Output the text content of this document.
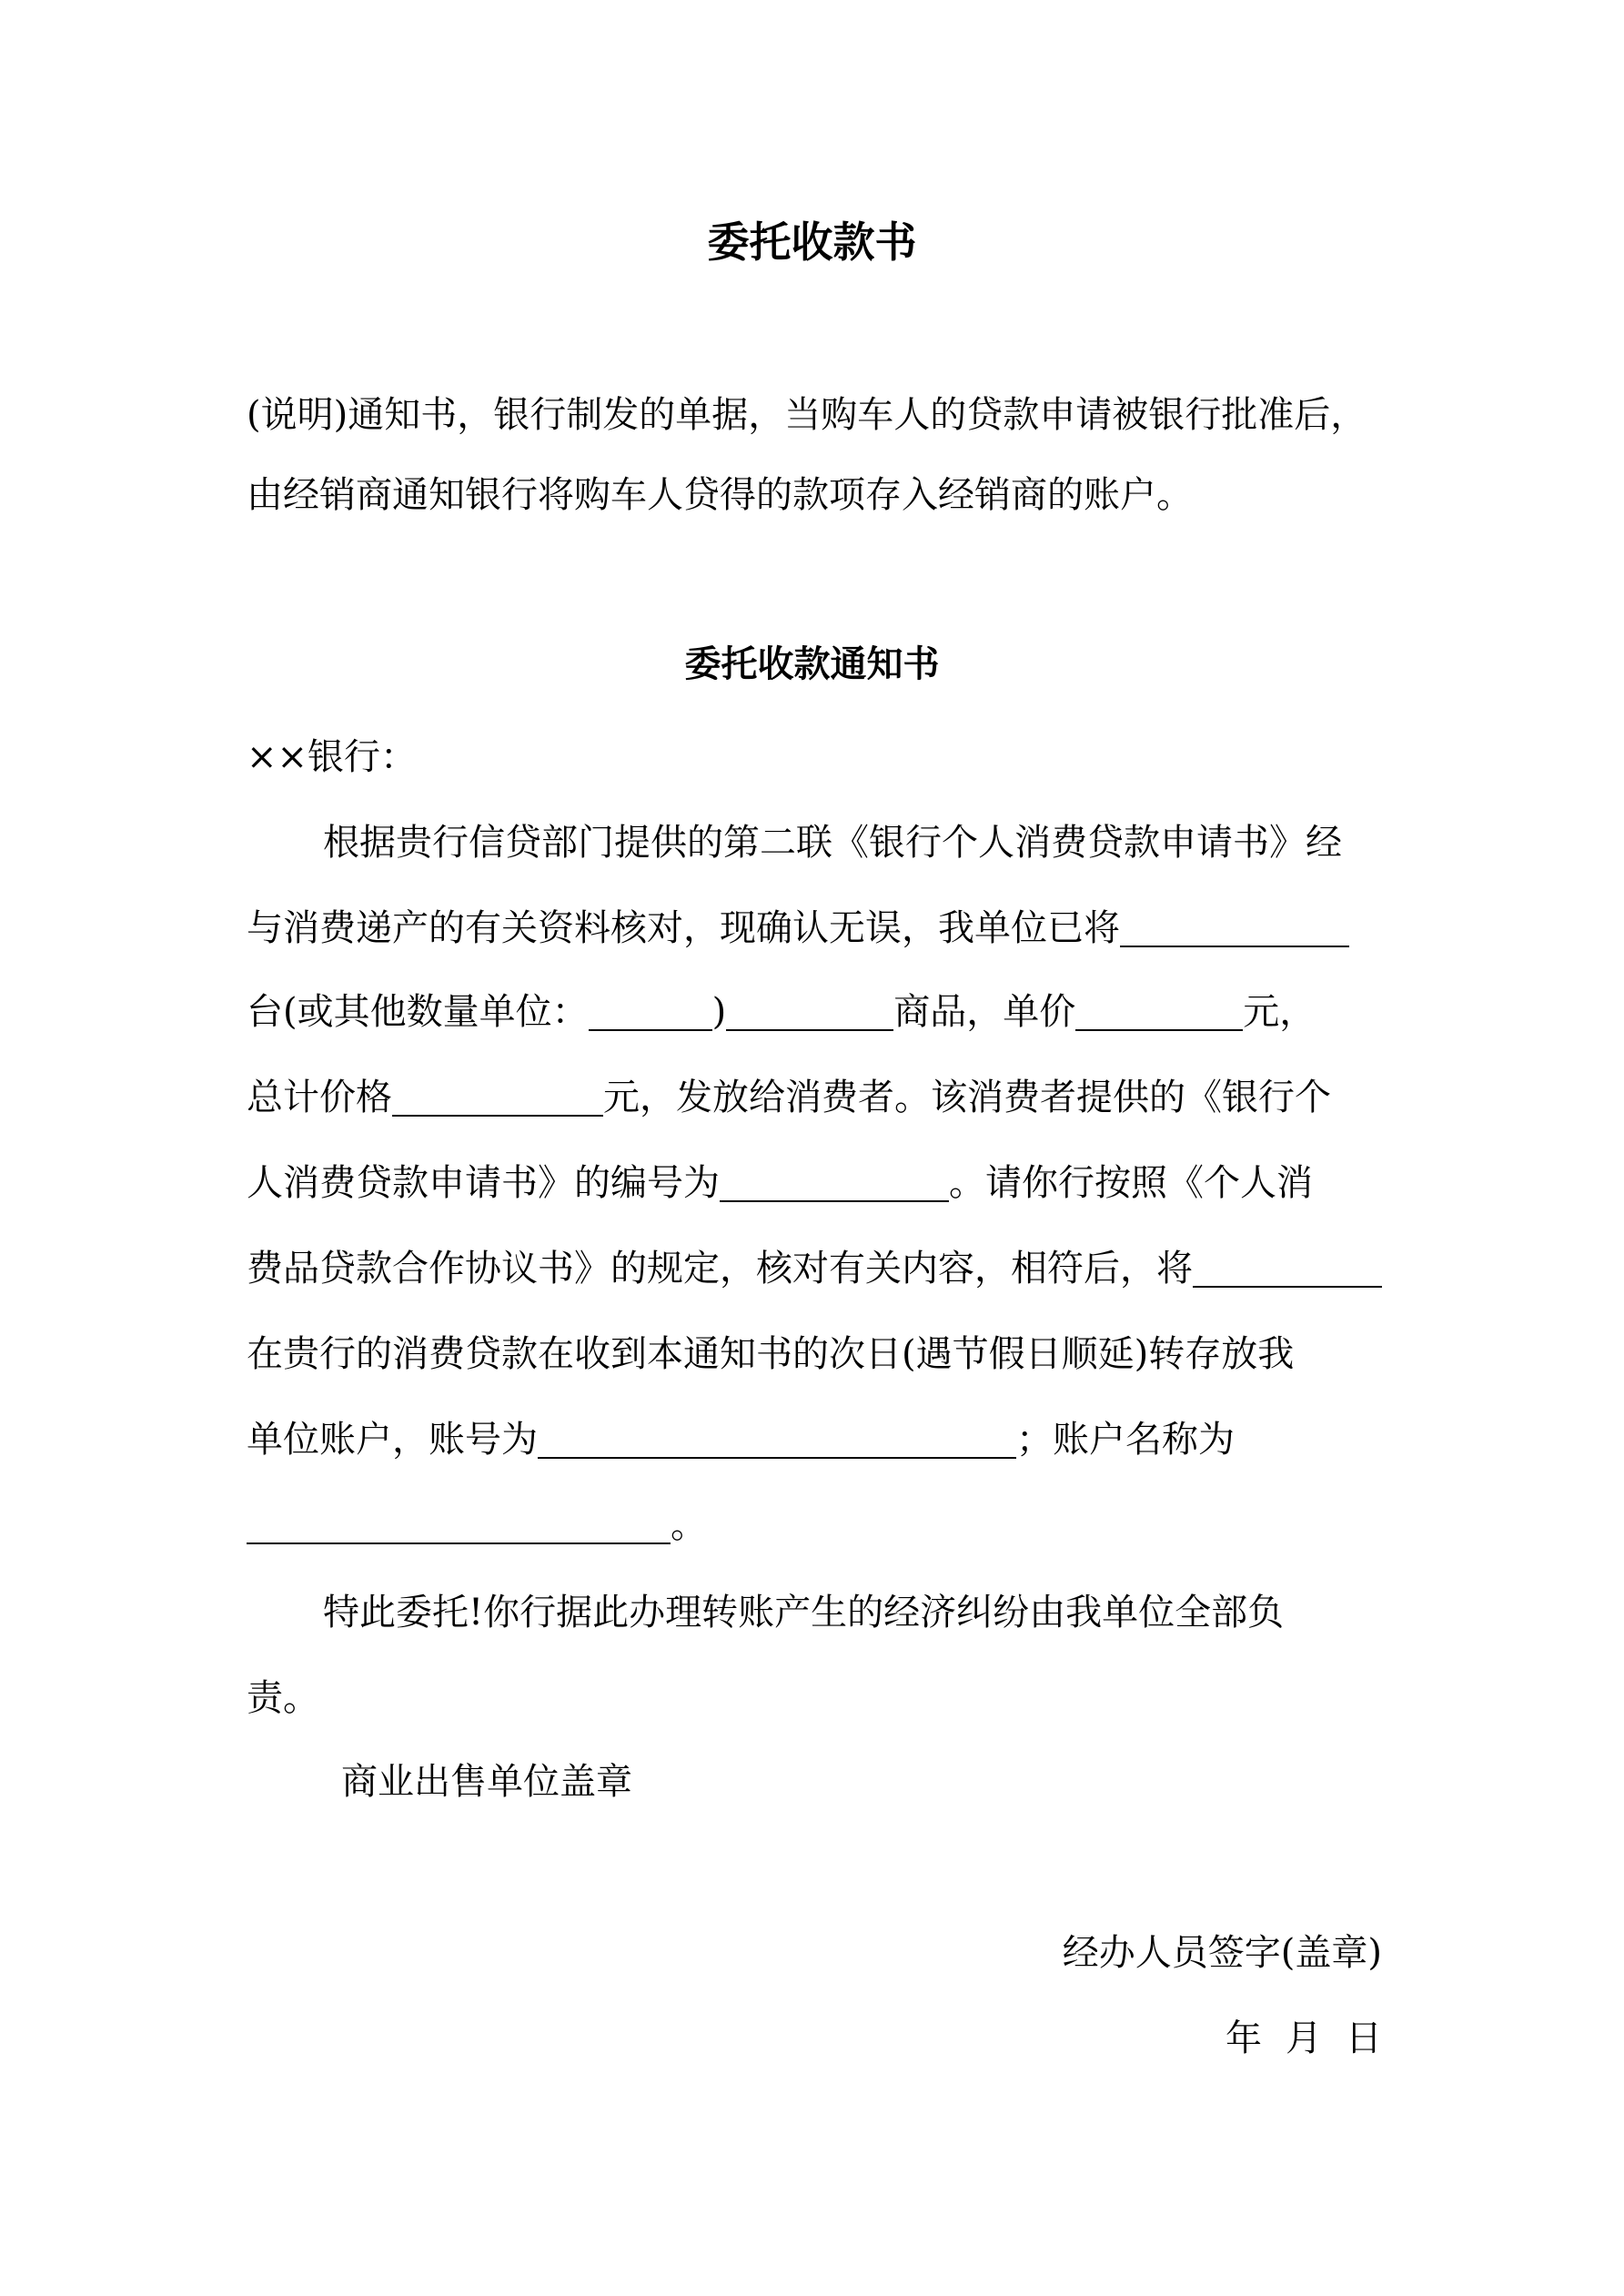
委托收款书
(说明)通知书，银行制发的单据，当购车人的贷款申请被银行批准后，
由经销商通知银行将购车人贷得的款项存入经销商的账户。
委托收款通知书
××银行：
根据贵行信贷部门提供的第二联《银行个人消费贷款申请书》经
与消费递产的有关资料核对，现确认无误，我单位已将
台(或其他数量单位：	)	商品，单价	元，
总计价格	元，发放给消费者。该消费者提供的《银行个
人消费贷款申请书》的编号为	。请你行按照《个人消
费品贷款合作协议书》的规定，核对有关内容，相符后，将
在贵行的消费贷款在收到本通知书的次日(遇节假日顺延)转存放我
单位账户，账号为	；账户名称为
。
特此委托!你行据此办理转账产生的经济纠纷由我单位全部负
责。
商业出售单位盖章
经办人员签字(盖章)
年 月 日
